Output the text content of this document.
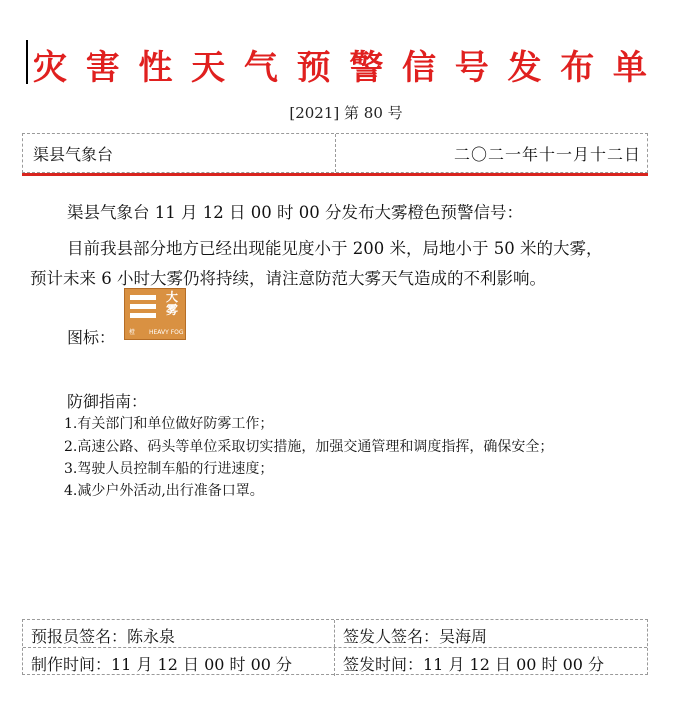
灾 害 性 天 气 预 警 信 号 发 布 单
[2021] 第 80 号
渠县气象台	二〇二一年十一月十二日
渠县气象台 11 月 12 日 00 时 00 分发布大雾橙色预警信号：
目前我县部分地方已经出现能见度小于 200 米，局地小于 50 米的大雾，
预计未来 6 小时大雾仍将持续，请注意防范大雾天气造成的不利影响。
图标：
大
雾
橙 HEAVY FOG
防御指南：
1.有关部门和单位做好防雾工作；
2.高速公路、码头等单位采取切实措施，加强交通管理和调度指挥，确保安全；
3.驾驶人员控制车船的行进速度；
4.减少户外活动,出行准备口罩。
预报员签名：陈永泉	签发人签名：吴海周
制作时间：11 月 12 日 00 时 00 分	签发时间：11 月 12 日 00 时 00 分
